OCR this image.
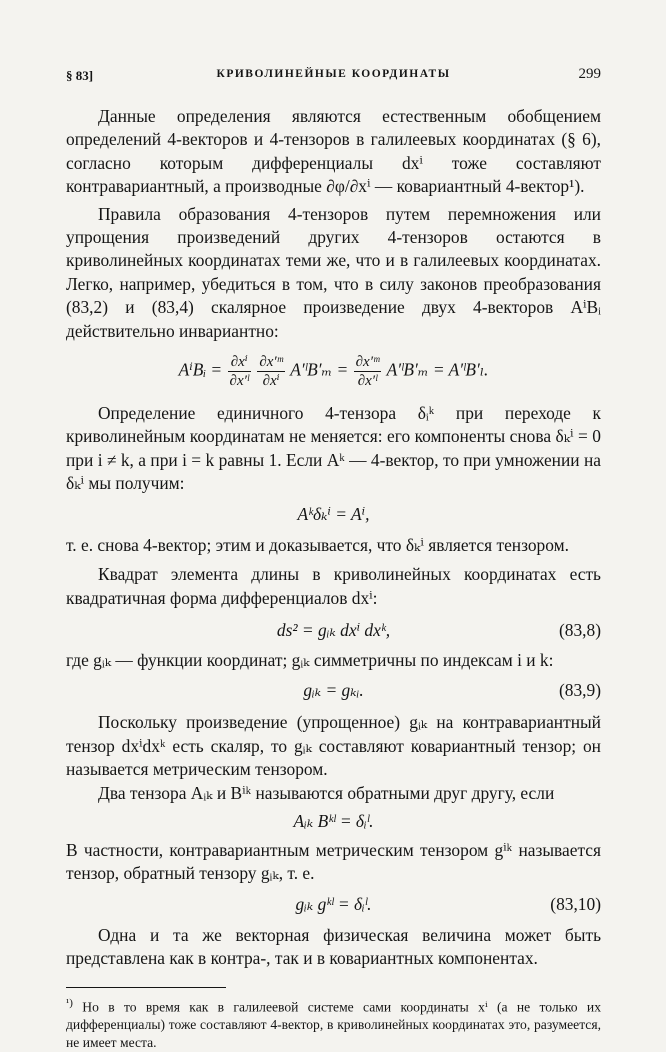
§ 83]	КРИВОЛИНЕЙНЫЕ КООРДИНАТЫ	299

Данные определения являются естественным обобщением определений 4-векторов и 4-тензоров в галилеевых координатах (§ 6), согласно которым дифференциалы dxⁱ тоже составляют контравариантный, а производные ∂φ/∂xⁱ — ковариантный 4-вектор¹).

Правила образования 4-тензоров путем перемножения или упрощения произведений других 4-тензоров остаются в криволинейных координатах теми же, что и в галилеевых координатах. Легко, например, убедиться в том, что в силу законов преобразования (83,2) и (83,4) скалярное произведение двух 4-векторов AⁱBᵢ действительно инвариантно:

AⁱBᵢ = $\frac{\text{∂xⁱ}}{\text{∂x′ˡ}}$
$\frac{\text{∂x′ᵐ}}{\text{∂xⁱ}}$ A′ˡB′ₘ = $\frac{\text{∂x′ᵐ}}{\text{∂x′ˡ}}$ A′ˡB′ₘ = A′ˡB′ₗ.

Определение единичного 4-тензора δᵢᵏ при переходе к криволинейным координатам не меняется: его компоненты снова δₖⁱ = 0 при i ≠ k, а при i = k равны 1. Если Aᵏ — 4-вектор, то при умножении на δₖⁱ мы получим:

Aᵏδₖⁱ = Aⁱ,

т. е. снова 4-вектор; этим и доказывается, что δₖⁱ является тензором.

Квадрат элемента длины в криволинейных координатах есть квадратичная форма дифференциалов dxⁱ:

ds² = gᵢₖ dxⁱ dxᵏ,	(83,8)

где gᵢₖ — функции координат; gᵢₖ симметричны по индексам i и k:

gᵢₖ = gₖᵢ.	(83,9)

Поскольку произведение (упрощенное) gᵢₖ на контравариантный тензор dxⁱdxᵏ есть скаляр, то gᵢₖ составляют ковариантный тензор; он называется метрическим тензором.

Два тензора Aᵢₖ и Bⁱᵏ называются обратными друг другу, если

Aᵢₖ Bᵏˡ = δᵢˡ.

В частности, контравариантным метрическим тензором gⁱᵏ называется тензор, обратный тензору gᵢₖ, т. е.

gᵢₖ gᵏˡ = δᵢˡ.	(83,10)

Одна и та же векторная физическая величина может быть представлена как в контра-, так и в ковариантных компонентах.

$^{^1)}$ Но в то время как в галилеевой системе сами координаты xⁱ (а не только их дифференциалы) тоже составляют 4-вектор, в криволинейных координатах это, разумеется, не имеет места.
